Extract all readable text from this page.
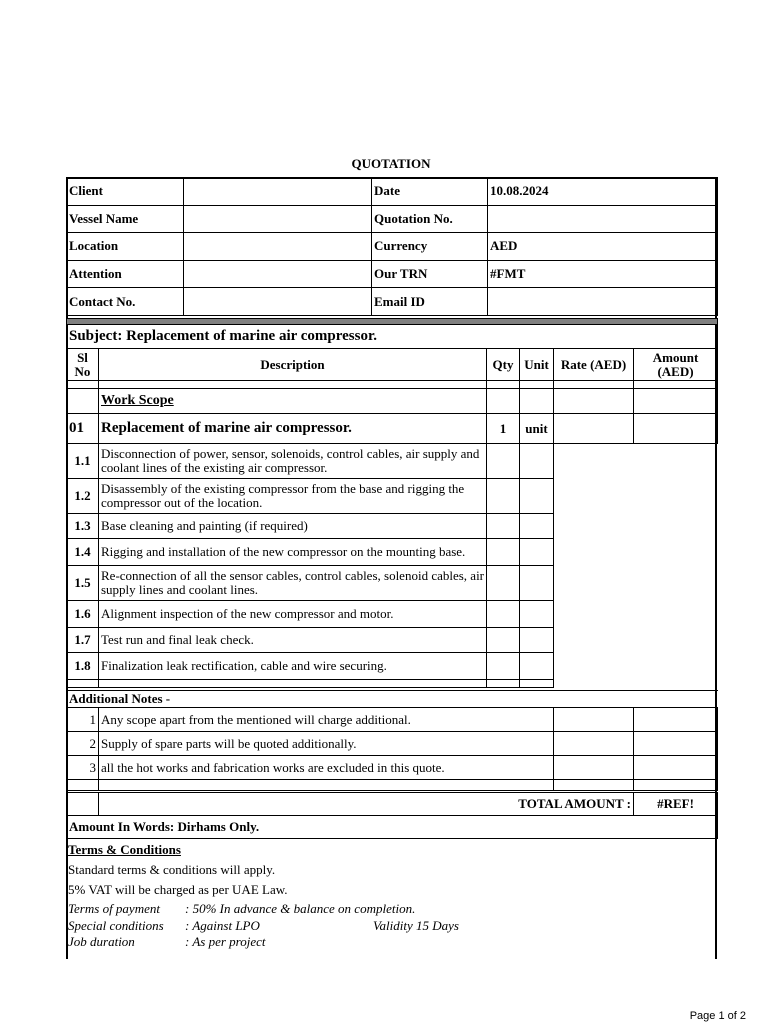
QUOTATION
Client		Date	10.08.2024
Vessel Name		Quotation No.	
Location		Currency	AED
Attention		Our TRN	#FMT
Contact No.		Email ID	

Subject: Replacement of marine air compressor.					
Sl No	Description	Qty	Unit	Rate (AED)	Amount (AED)

	Work Scope				
01	Replacement of marine air compressor.	1	unit		
1.1	Disconnection of power, sensor, solenoids, control cables, air supply and coolant lines of the existing air compressor.				
1.2	Disassembly of the existing compressor from the base and rigging the compressor out of the location.				
1.3	Base cleaning and painting (if required)				
1.4	Rigging and installation of the new compressor on the mounting base.				
1.5	Re-connection of all the sensor cables, control cables, solenoid cables, air supply lines and coolant lines.				
1.6	Alignment inspection of the new compressor and motor.				
1.7	Test run and final leak check.				
1.8	Finalization leak rectification, cable and wire securing.				

Additional Notes -			
1	Any scope apart from the mentioned will charge additional.		
2	Supply of spare parts will be quoted additionally.		
3	all the hot works and fabrication works are excluded in this quote.		

	TOTAL AMOUNT :	#REF!
Amount In Words: Dirhams Only.
Terms & Conditions
Standard terms & conditions will apply.
5% VAT will be charged as per UAE Law.
Terms of payment : 50% In advance & balance on completion.
Special conditions : Against LPO	Validity 15 Days
Job duration	: As per project
Page 1 of 2
